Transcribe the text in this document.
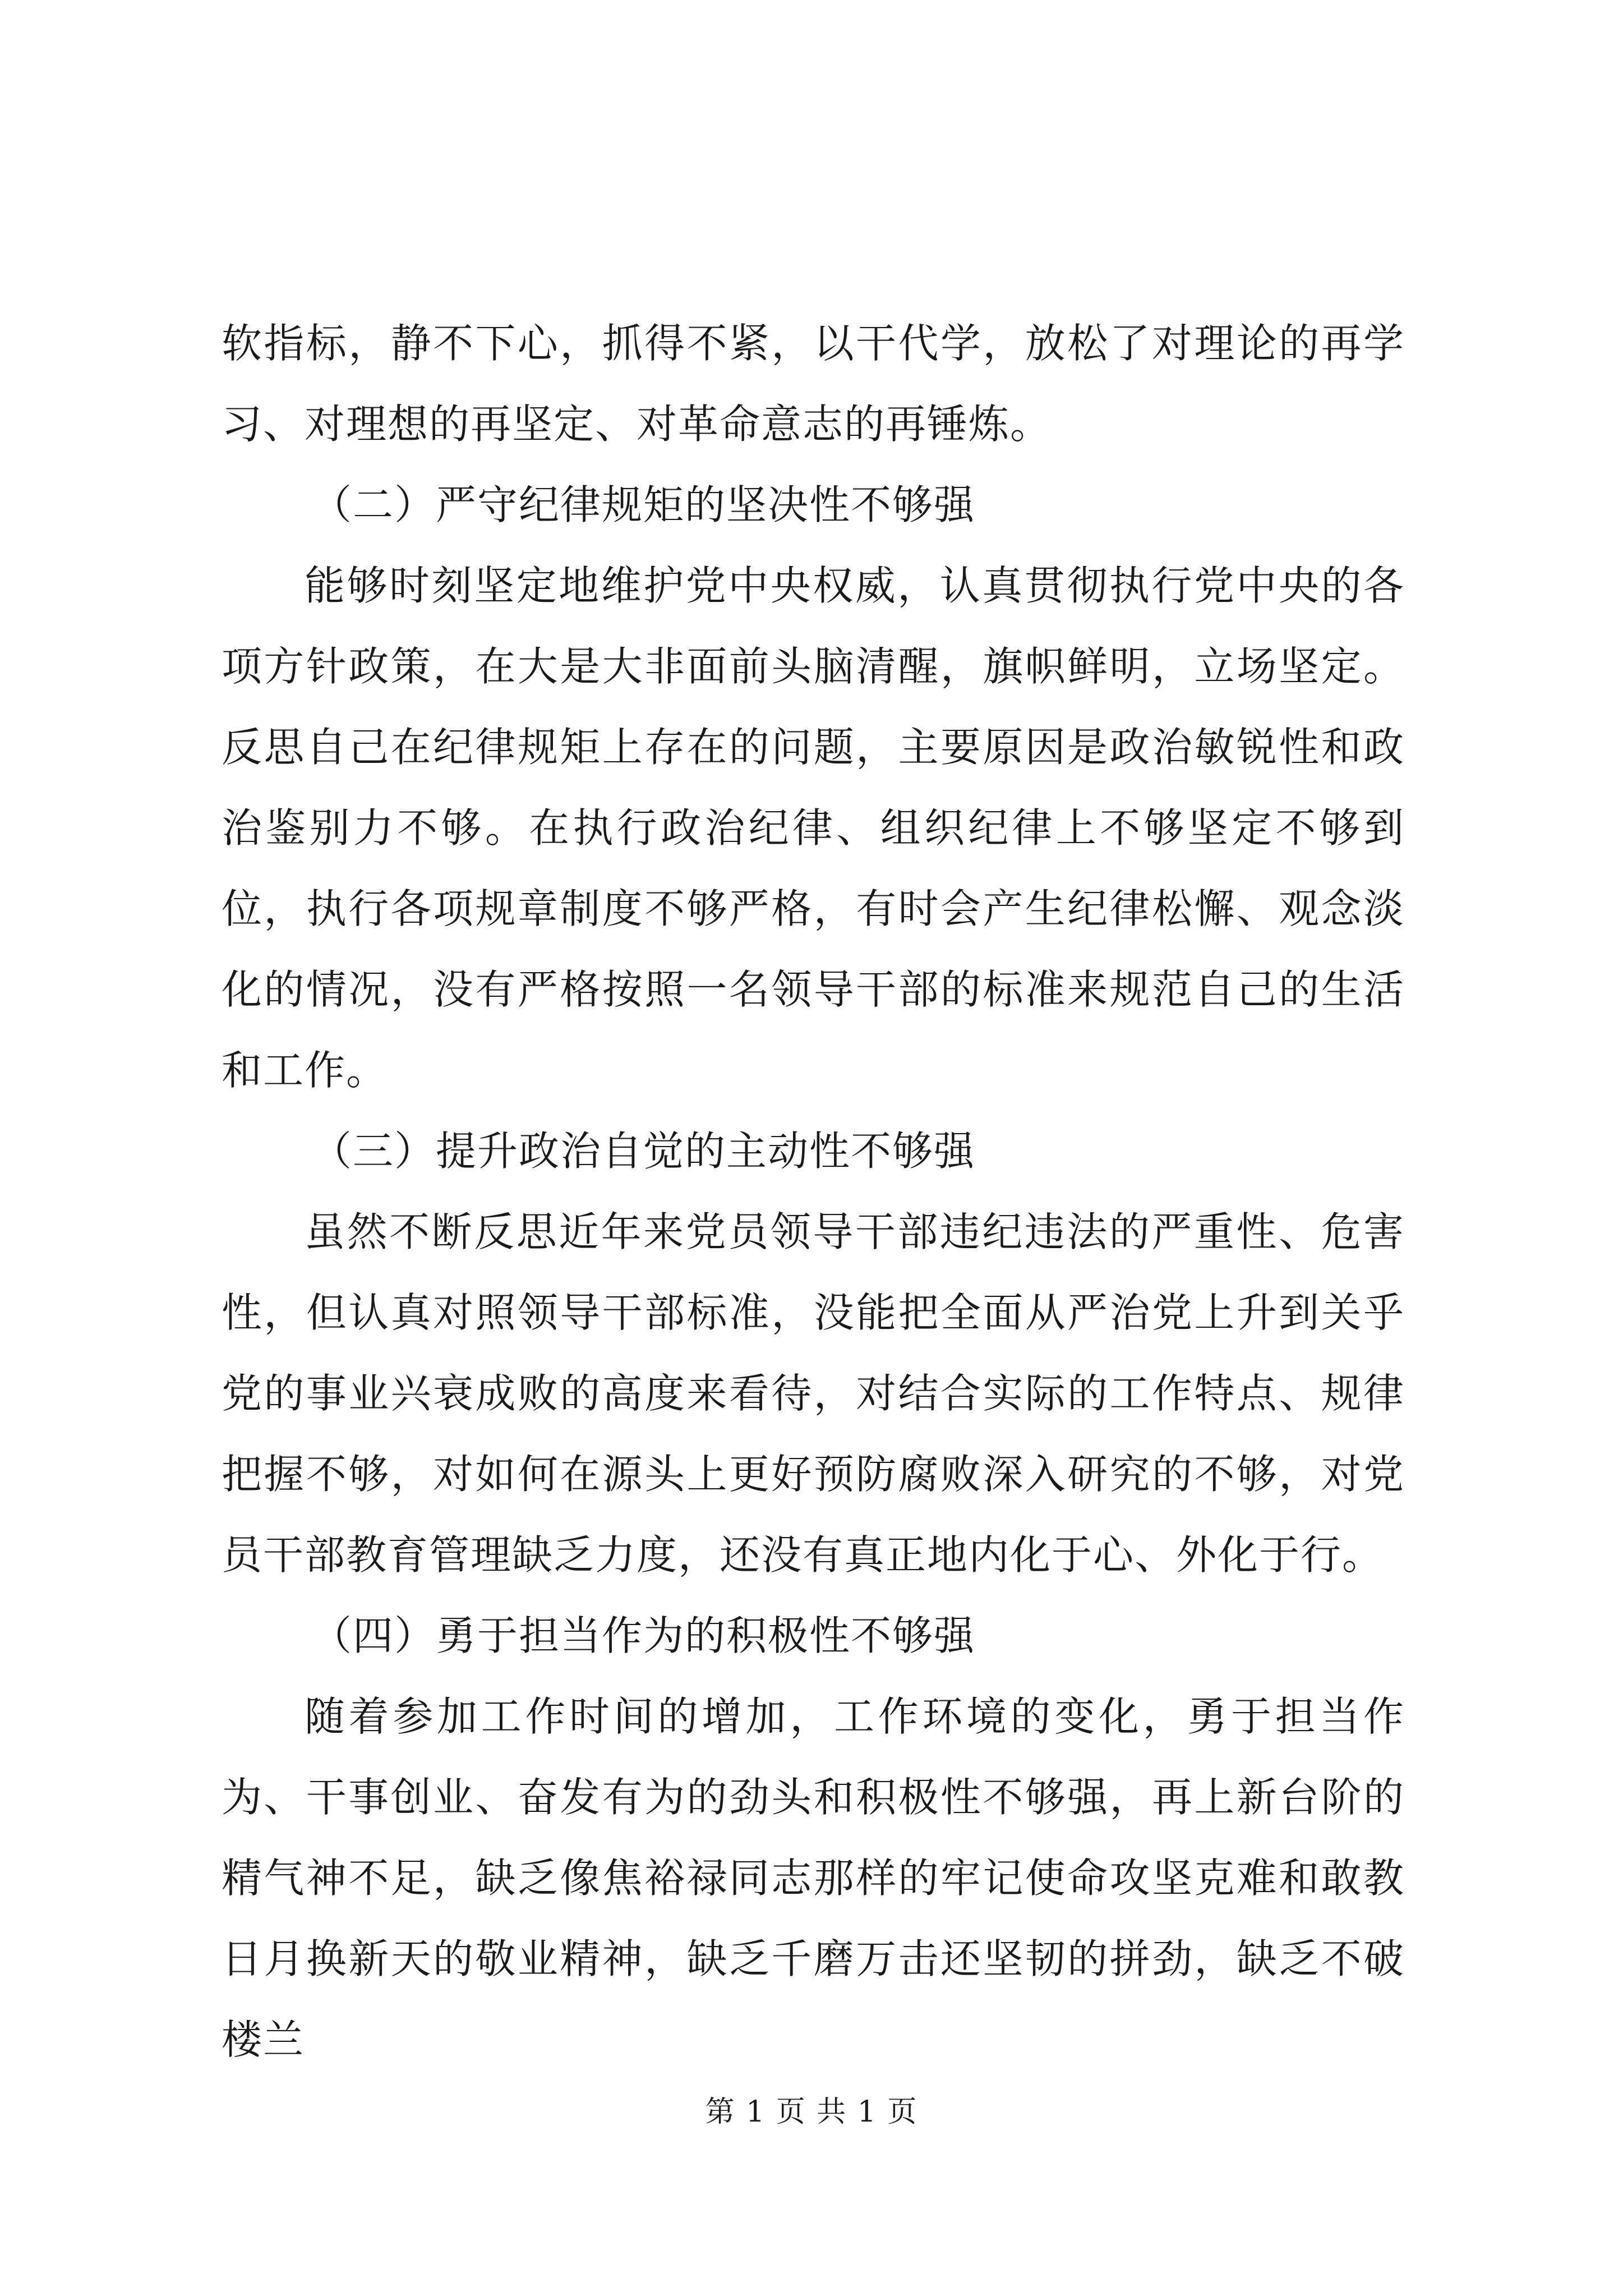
软指标，静不下心，抓得不紧，以干代学，放松了对理论的再学习、对理想的再坚定、对革命意志的再锤炼。

（二）严守纪律规矩的坚决性不够强

能够时刻坚定地维护党中央权威，认真贯彻执行党中央的各项方针政策，在大是大非面前头脑清醒，旗帜鲜明，立场坚定。反思自己在纪律规矩上存在的问题，主要原因是政治敏锐性和政治鉴别力不够。在执行政治纪律、组织纪律上不够坚定不够到位，执行各项规章制度不够严格，有时会产生纪律松懈、观念淡化的情况，没有严格按照一名领导干部的标准来规范自己的生活和工作。

（三）提升政治自觉的主动性不够强

虽然不断反思近年来党员领导干部违纪违法的严重性、危害性，但认真对照领导干部标准，没能把全面从严治党上升到关乎党的事业兴衰成败的高度来看待，对结合实际的工作特点、规律把握不够，对如何在源头上更好预防腐败深入研究的不够，对党员干部教育管理缺乏力度，还没有真正地内化于心、外化于行。

（四）勇于担当作为的积极性不够强

随着参加工作时间的增加，工作环境的变化，勇于担当作为、干事创业、奋发有为的劲头和积极性不够强，再上新台阶的精气神不足，缺乏像焦裕禄同志那样的牢记使命攻坚克难和敢教日月换新天的敬业精神，缺乏千磨万击还坚韧的拼劲，缺乏不破楼兰

第 1 页 共 1 页
